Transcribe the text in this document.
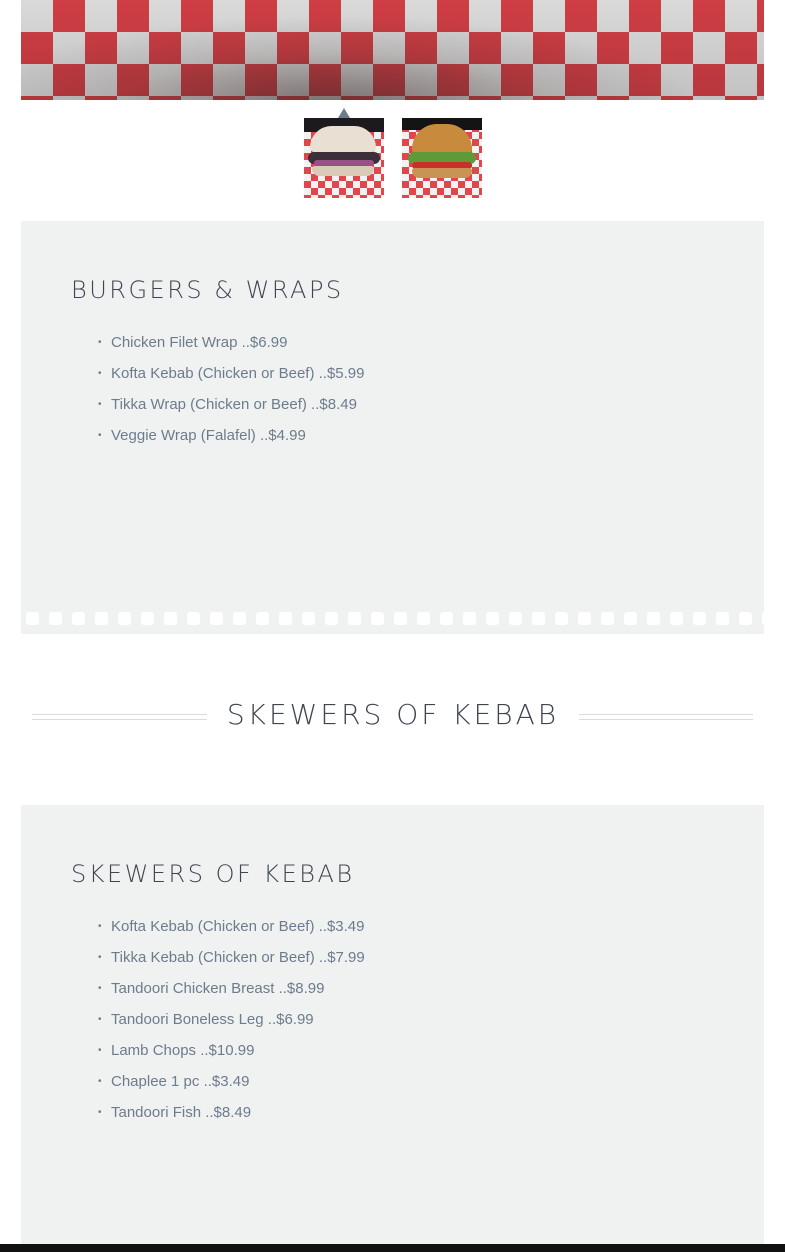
BURGERS & WRAPS
• Chicken Filet Wrap ..$6.99
• Kofta Kebab (Chicken or Beef) ..$5.99
• Tikka Wrap (Chicken or Beef) ..$8.49
• Veggie Wrap (Falafel) ..$4.99
SKEWERS OF KEBAB
SKEWERS OF KEBAB
• Kofta Kebab (Chicken or Beef) ..$3.49
• Tikka Kebab (Chicken or Beef) ..$7.99
• Tandoori Chicken Breast ..$8.99
• Tandoori Boneless Leg ..$6.99
• Lamb Chops ..$10.99
• Chaplee 1 pc ..$3.49
• Tandoori Fish ..$8.49
